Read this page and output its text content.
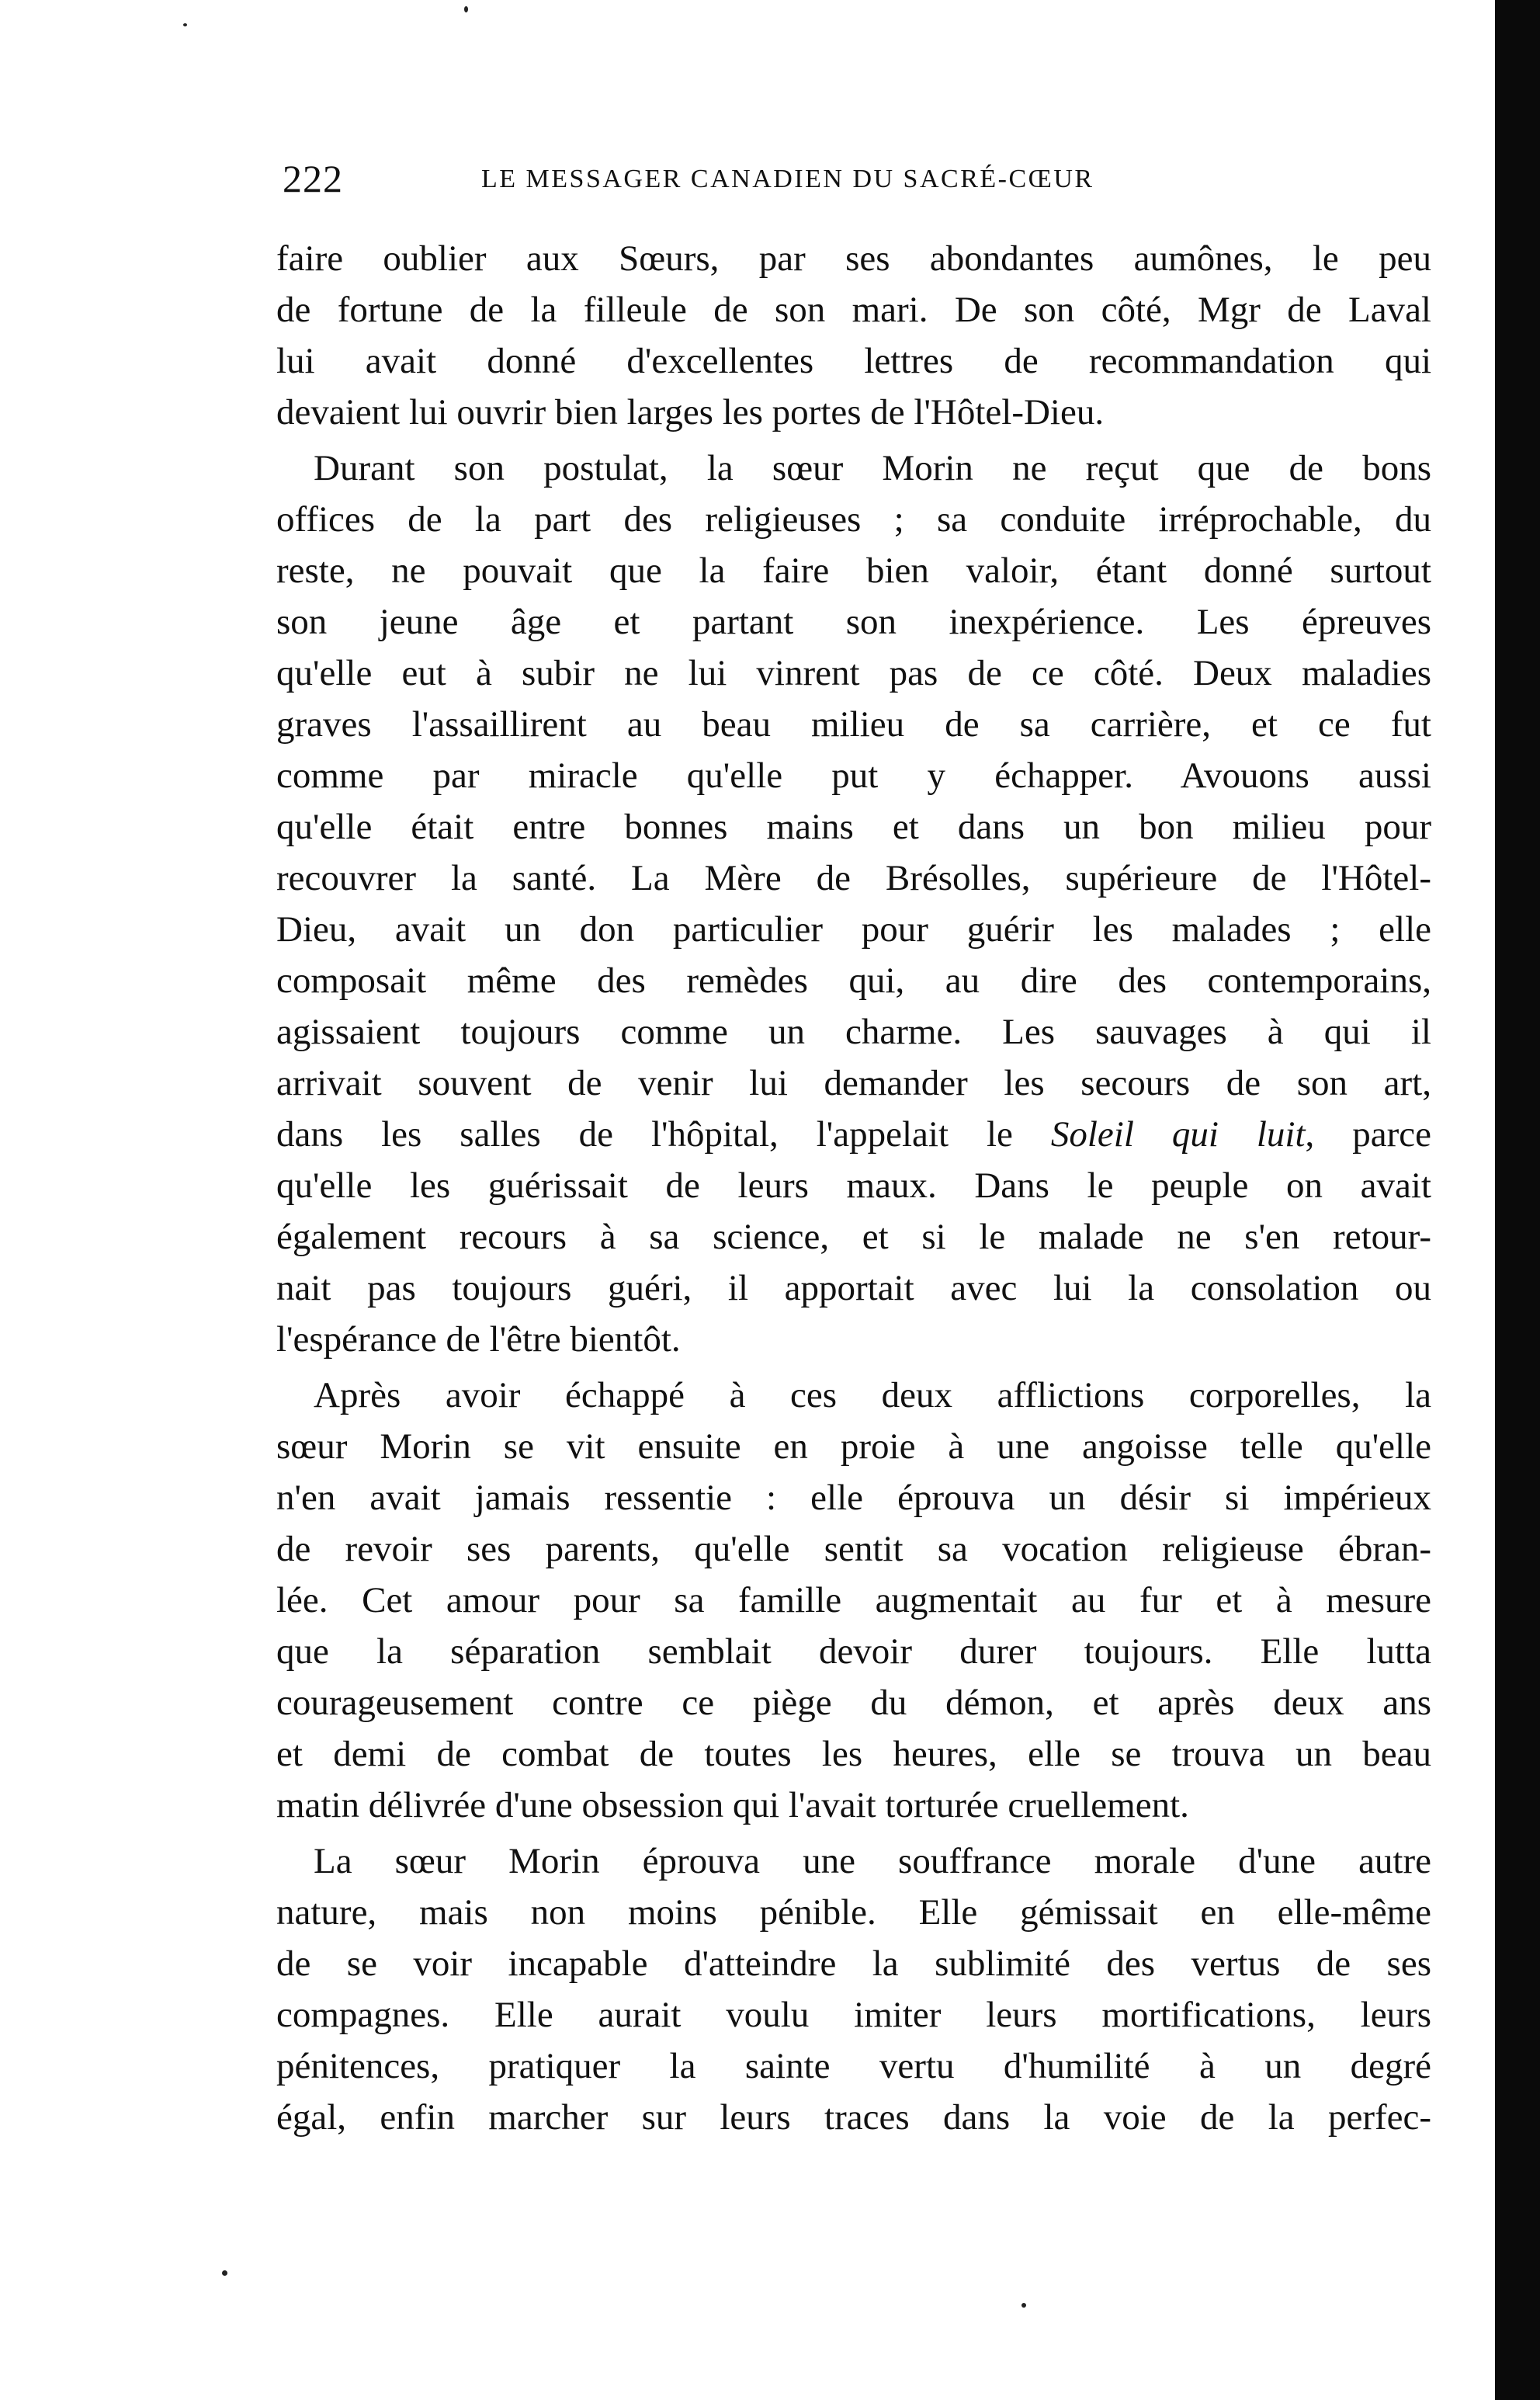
222	LE MESSAGER CANADIEN DU SACRÉ-CŒUR
faire oublier aux Sœurs, par ses abondantes aumônes, le peu
de fortune de la filleule de son mari. De son côté, Mgr de Laval
lui avait donné d'excellentes lettres de recommandation qui
devaient lui ouvrir bien larges les portes de l'Hôtel-Dieu.
Durant son postulat, la sœur Morin ne reçut que de bons
offices de la part des religieuses ; sa conduite irréprochable, du
reste, ne pouvait que la faire bien valoir, étant donné surtout
son jeune âge et partant son inexpérience. Les épreuves
qu'elle eut à subir ne lui vinrent pas de ce côté. Deux maladies
graves l'assaillirent au beau milieu de sa carrière, et ce fut
comme par miracle qu'elle put y échapper. Avouons aussi
qu'elle était entre bonnes mains et dans un bon milieu pour
recouvrer la santé. La Mère de Brésolles, supérieure de l'Hôtel-
Dieu, avait un don particulier pour guérir les malades ; elle
composait même des remèdes qui, au dire des contemporains,
agissaient toujours comme un charme. Les sauvages à qui il
arrivait souvent de venir lui demander les secours de son art,
dans les salles de l'hôpital, l'appelait le Soleil qui luit, parce
qu'elle les guérissait de leurs maux. Dans le peuple on avait
également recours à sa science, et si le malade ne s'en retour-
nait pas toujours guéri, il apportait avec lui la consolation ou
l'espérance de l'être bientôt.
Après avoir échappé à ces deux afflictions corporelles, la
sœur Morin se vit ensuite en proie à une angoisse telle qu'elle
n'en avait jamais ressentie : elle éprouva un désir si impérieux
de revoir ses parents, qu'elle sentit sa vocation religieuse ébran-
lée. Cet amour pour sa famille augmentait au fur et à mesure
que la séparation semblait devoir durer toujours. Elle lutta
courageusement contre ce piège du démon, et après deux ans
et demi de combat de toutes les heures, elle se trouva un beau
matin délivrée d'une obsession qui l'avait torturée cruellement.
La sœur Morin éprouva une souffrance morale d'une autre
nature, mais non moins pénible. Elle gémissait en elle-même
de se voir incapable d'atteindre la sublimité des vertus de ses
compagnes. Elle aurait voulu imiter leurs mortifications, leurs
pénitences, pratiquer la sainte vertu d'humilité à un degré
égal, enfin marcher sur leurs traces dans la voie de la perfec-
